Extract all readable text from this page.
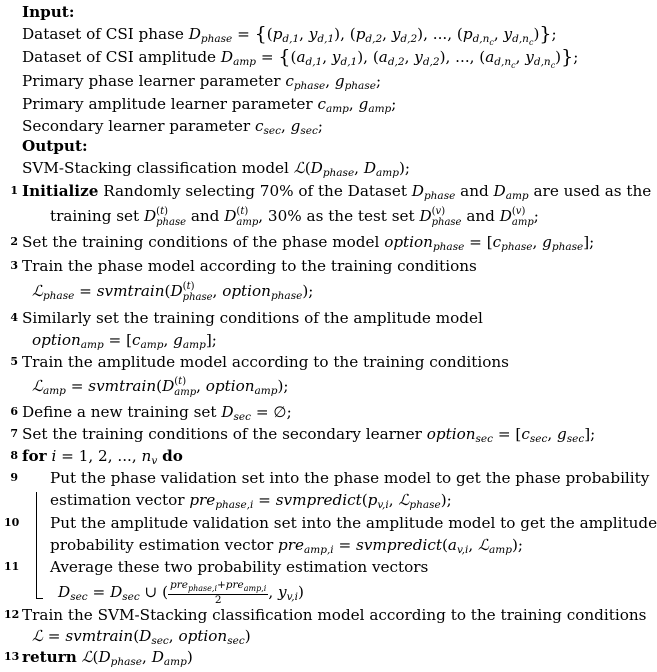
Input:
Dataset of CSI phase $D_{phase} = \{(p_{d,1}$, $y_{d,1}$), ($p_{d,2}$, $y_{d,2}$), ..., ($p_{d,n_c}$, $y_{d,n_c}$)};
Dataset of CSI amplitude $D_{amp} = \{(a_{d,1}$, $y_{d,1}$), ($a_{d,2}$, $y_{d,2}$), ..., ($a_{d,n_c}$, $y_{d,n_c}$)};
Primary phase learner parameter $c_{phase}$, $g_{phase}$;
Primary amplitude learner parameter $c_{amp}$, $g_{amp}$;
Secondary learner parameter $c_{sec}$, $g_{sec}$;
Output:
SVM-Stacking classification model $ℒ(D_{phase}$, $D_{amp}$);
1 Initialize Randomly selecting 70% of the Dataset $D_{phase}$ and $D_{amp}$ are used as the
training set D (t)
phase and D (t)
amp , 30% as the test set D (v)
phase and D (v)
amp ;
2 Set the training conditions of the phase model option$_{phase}$ = [$c_{phase}$, $g_{phase}$];
3 Train the phase model according to the training conditions
ℒ$_{phase}$ = svmtrain(D (t)
phase , option$_{phase}$);
4 Similarly set the training conditions of the amplitude model
option$_{amp}$ = [$c_{amp}$, $g_{amp}$];
5 Train the amplitude model according to the training conditions
ℒ$_{amp}$ = svmtrain(D (t)
amp , option$_{amp}$);
6 Define a new training set $D_{sec}$ = ∅;
7 Set the training conditions of the secondary learner option$_{sec}$ = [$c_{sec}$, $g_{sec}$];
8 for i = 1, 2, ..., $n_v$ do
9 Put the phase validation set into the phase model to get the phase probability
estimation vector $pre_{phase,i} = svmpredict(p_{v,i}$, ℒ$_{phase}$);
10 Put the amplitude validation set into the amplitude model to get the amplitude
probability estimation vector $pre_{amp,i} = svmpredict(a_{v,i}$, ℒ$_{amp}$);
11 Average these two probability estimation vectors
$D_{sec} = D_{sec}$ ∪ ( $\frac{pre_{phase,i}+pre_{amp,i}}{2}$ , $y_{v,i}$)
12 Train the SVM-Stacking classification model according to the training conditions
ℒ = $svmtrain(D_{sec}$, option$_{sec}$)
13 return $ℒ(D_{phase}$, $D_{amp}$)
